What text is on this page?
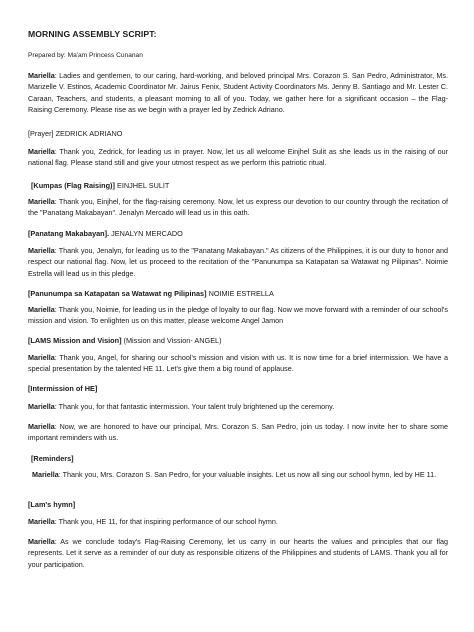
MORNING ASSEMBLY SCRIPT:
Prepared by: Ma'am Princess Cunanan
Mariella: Ladies and gentlemen, to our caring, hard-working, and beloved principal Mrs. Corazon S. San Pedro, Administrator, Ms. Marizelle V. Estinos, Academic Coordinator Mr. Jairus Fenix, Student Activity Coordinators Ms. Jenny B. Santiago and Mr. Lester C. Caraan, Teachers, and students, a pleasant morning to all of you. Today, we gather here for a significant occasion – the Flag-Raising Ceremony. Please rise as we begin with a prayer led by Zedrick Adriano.
[Prayer] ZEDRICK ADRIANO
Mariella: Thank you, Zedrick, for leading us in prayer. Now, let us all welcome Einjhel Sulit as she leads us in the raising of our national flag. Please stand still and give your utmost respect as we perform this patriotic ritual.
[Kumpas (Flag Raising)] EINJHEL SULIT
Mariella: Thank you, Einjhel, for the flag-raising ceremony. Now, let us express our devotion to our country through the recitation of the "Panatang Makabayan". Jenalyn Mercado will lead us in this oath.
[Panatang Makabayan]. JENALYN MERCADO
Mariella: Thank you, Jenalyn, for leading us to the "Panatang Makabayan." As citizens of the Philippines, it is our duty to honor and respect our national flag. Now, let us proceed to the recitation of the "Panunumpa sa Katapatan sa Watawat ng Pilipinas". Noimie Estrella will lead us in this pledge.
[Panunumpa sa Katapatan sa Watawat ng Pilipinas] NOIMIE ESTRELLA
Mariella: Thank you, Noimie, for leading us in the pledge of loyalty to our flag. Now we move forward with a reminder of our school's mission and vision. To enlighten us on this matter, please welcome Angel Jamon
[LAMS Mission and Vision] (Mission and Vission- ANGEL)
Mariella: Thank you, Angel, for sharing our school's mission and vision with us. It is now time for a brief intermission. We have a special presentation by the talented HE 11. Let's give them a big round of applause.
[Intermission of HE]
Mariella: Thank you, for that fantastic intermission. Your talent truly brightened up the ceremony.
Mariella: Now, we are honored to have our principal, Mrs. Corazon S. San Pedro, join us today. I now invite her to share some important reminders with us.
[Reminders]
Mariella: Thank you, Mrs. Corazon S. San Pedro, for your valuable insights. Let us now all sing our school hymn, led by HE 11.
[Lam's hymn]
Mariella: Thank you, HE 11, for that inspiring performance of our school hymn.
Mariella: As we conclude today's Flag-Raising Ceremony, let us carry in our hearts the values and principles that our flag represents. Let it serve as a reminder of our duty as responsible citizens of the Philippines and students of LAMS. Thank you all for your participation.
